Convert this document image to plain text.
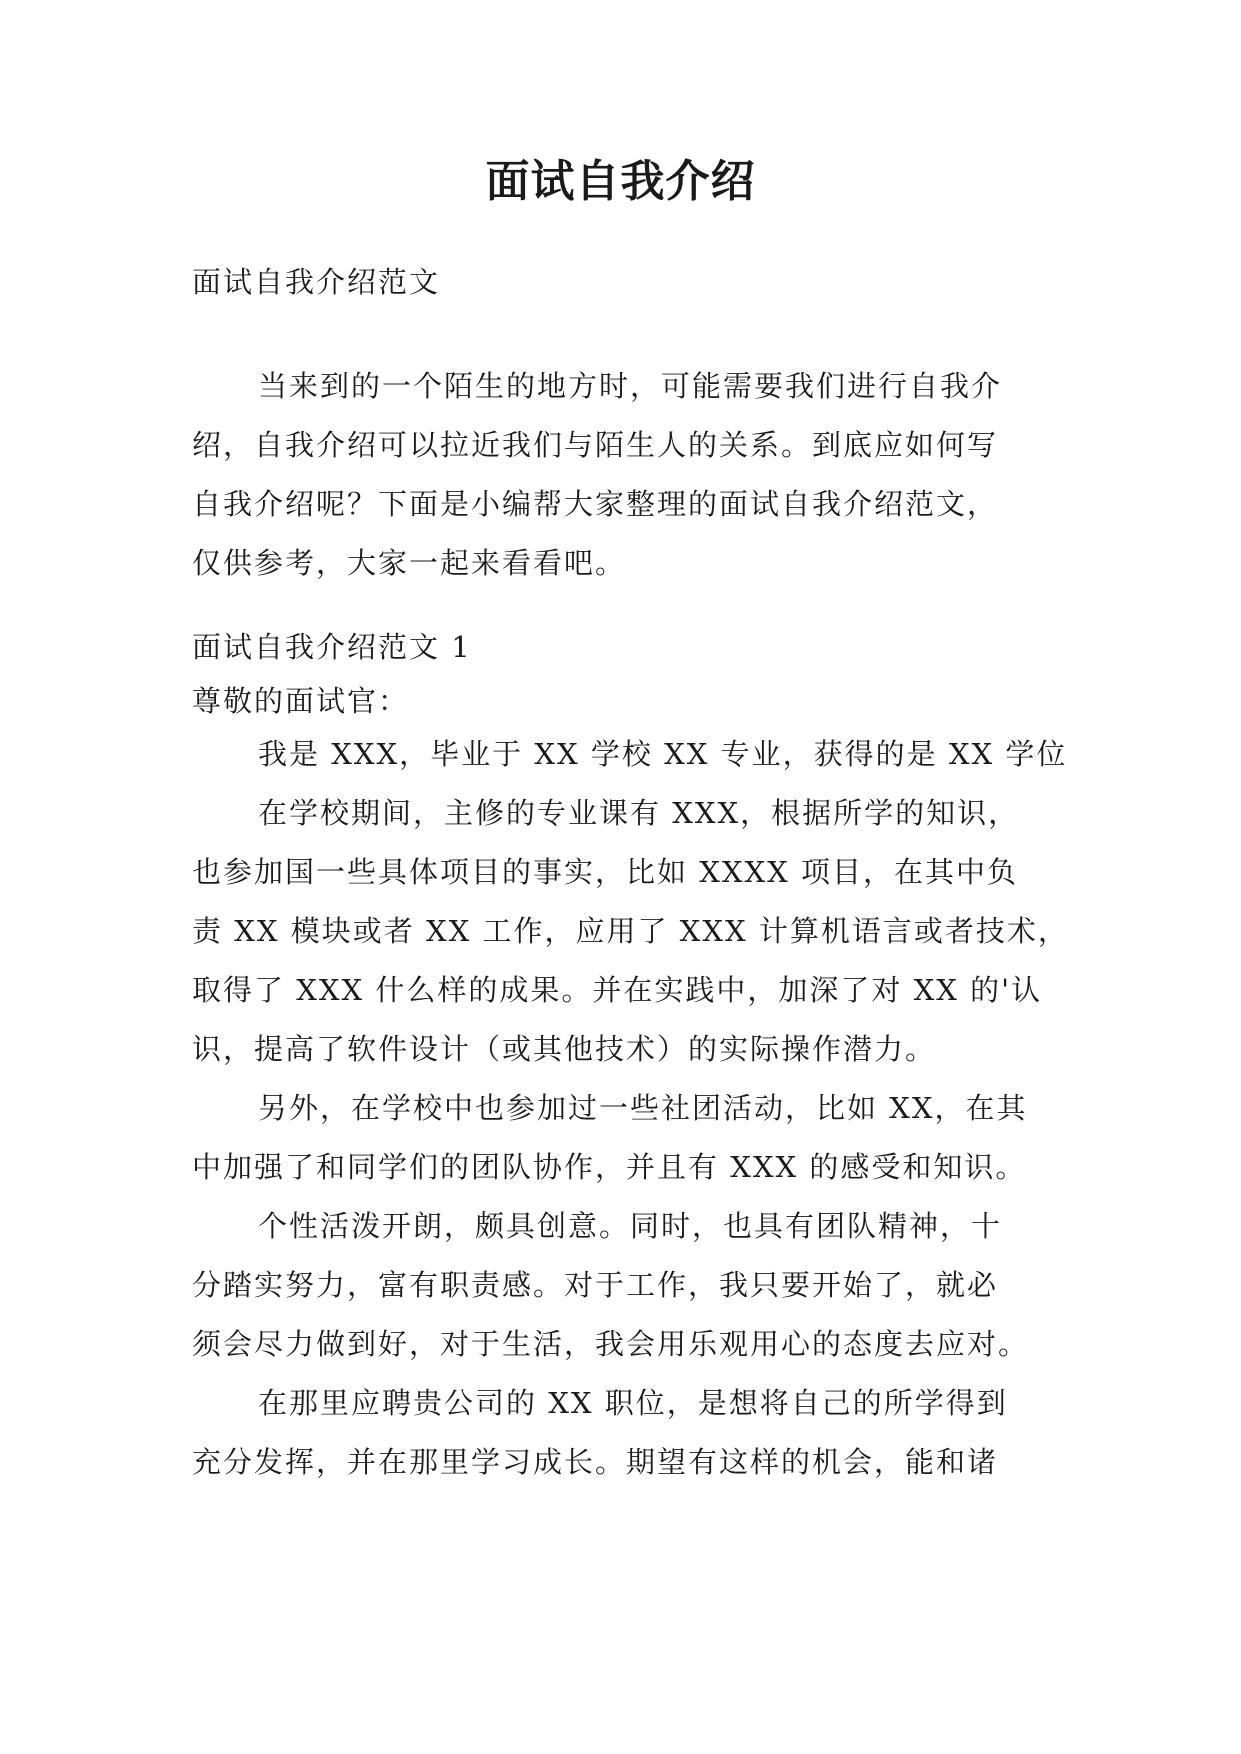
面试自我介绍

面试自我介绍范文

当来到的一个陌生的地方时，可能需要我们进行自我介
绍，自我介绍可以拉近我们与陌生人的关系。到底应如何写
自我介绍呢？下面是小编帮大家整理的面试自我介绍范文，
仅供参考，大家一起来看看吧。

面试自我介绍范文 1

尊敬的面试官：

我是 XXX，毕业于 XX 学校 XX 专业，获得的是 XX 学位
在学校期间，主修的专业课有 XXX，根据所学的知识，
也参加国一些具体项目的事实，比如 XXXX 项目，在其中负
责 XX 模块或者 XX 工作，应用了 XXX 计算机语言或者技术，
取得了 XXX 什么样的成果。并在实践中，加深了对 XX 的'认
识，提高了软件设计（或其他技术）的实际操作潜力。
另外，在学校中也参加过一些社团活动，比如 XX，在其
中加强了和同学们的团队协作，并且有 XXX 的感受和知识。
个性活泼开朗，颇具创意。同时，也具有团队精神，十
分踏实努力，富有职责感。对于工作，我只要开始了，就必
须会尽力做到好，对于生活，我会用乐观用心的态度去应对。
在那里应聘贵公司的 XX 职位，是想将自己的所学得到
充分发挥，并在那里学习成长。期望有这样的机会，能和诸
